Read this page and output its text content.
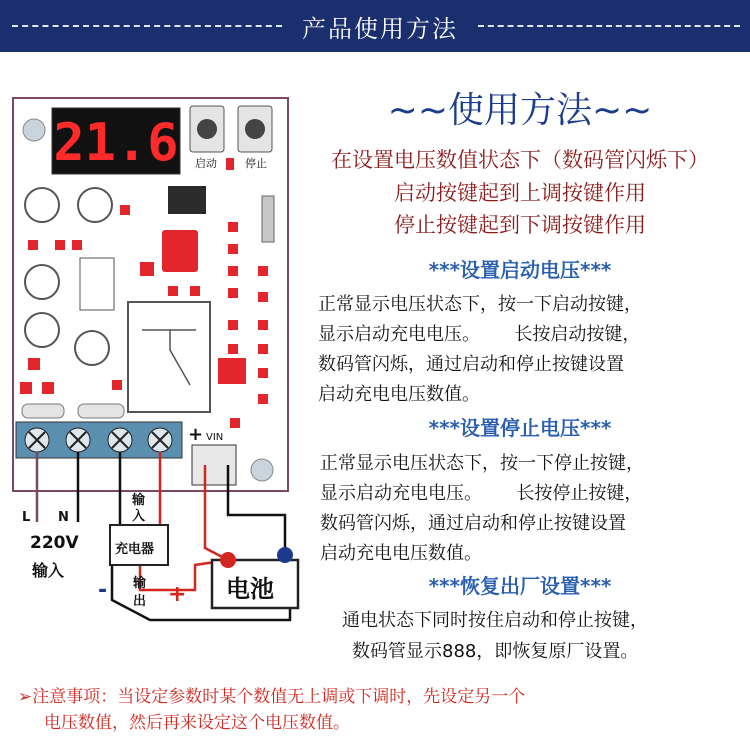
产品使用方法
21.6 启动	停止
+ VIN
L N
220V
输入
输入
充电器
输出
-	+ 电池
~~使用方法~~
在设置电压数值状态下（数码管闪烁下）
启动按键起到上调按键作用
停止按键起到下调按键作用
***设置启动电压***
正常显示电压状态下，按一下启动按键，
显示启动充电电压。      长按启动按键，
数码管闪烁，通过启动和停止按键设置
启动充电电压数值。
***设置停止电压***
正常显示电压状态下，按一下停止按键，
显示启动充电电压。      长按停止按键，
数码管闪烁，通过启动和停止按键设置
启动充电电压数值。
***恢复出厂设置***
通电状态下同时按住启动和停止按键，
数码管显示888，即恢复原厂设置。
➢注意事项：当设定参数时某个数值无上调或下调时，先设定另一个
电压数值，然后再来设定这个电压数值。
